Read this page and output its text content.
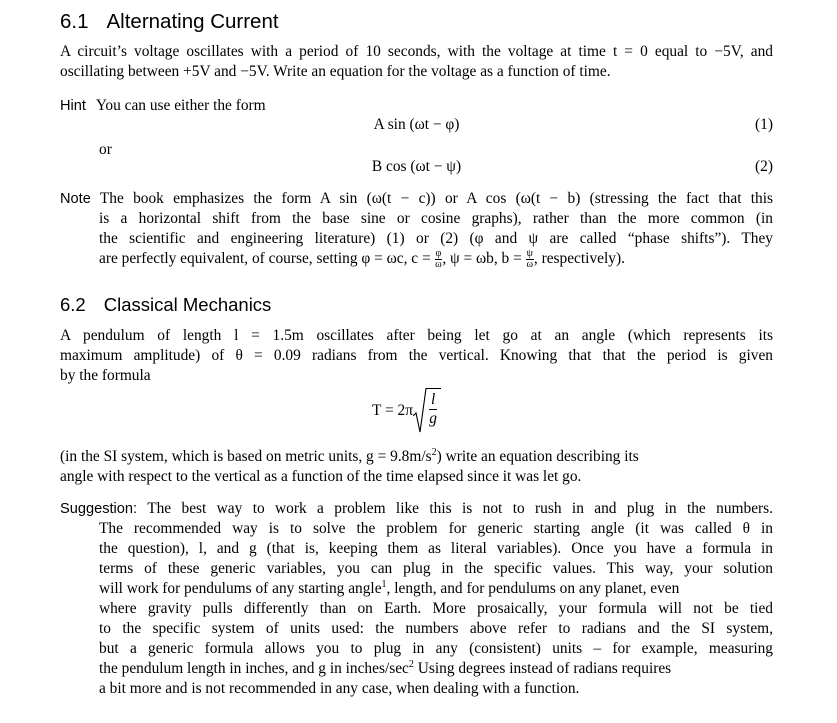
6.1 Alternating Current
A circuit’s voltage oscillates with a period of 10 seconds, with the voltage at time t = 0 equal to −5V, and
oscillating between +5V and −5V. Write an equation for the voltage as a function of time.
Hint You can use either the form
A sin (ωt − φ)	(1)
or
B cos (ωt − ψ)	(2)
Note The book emphasizes the form A sin (ω(t − c)) or A cos (ω(t − b) (stressing the fact that this
is a horizontal shift from the base sine or cosine graphs), rather than the more common (in
the scientific and engineering literature) (1) or (2) (φ and ψ are called “phase shifts”). They
are perfectly equivalent, of course, setting φ = ωc, $c = \frac{\varphi}{\omega}$ , ψ = ωb, $b = \frac{\psi}{\omega}$ , respectively).
6.2 Classical Mechanics
A pendulum of length l = 1.5m oscillates after being let go at an angle (which represents its
maximum amplitude) of θ = 0.09 radians from the vertical. Knowing that that the period is given
by the formula
$T = 2\pi \frac{l}{g}$
(in the SI system, which is based on metric units, $g = 9.8m/s^2$) write an equation describing its
angle with respect to the vertical as a function of the time elapsed since it was let go.
Suggestion: The best way to work a problem like this is not to rush in and plug in the numbers.
The recommended way is to solve the problem for generic starting angle (it was called θ in
the question), l, and g (that is, keeping them as literal variables). Once you have a formula in
terms of these generic variables, you can plug in the specific values. This way, your solution
will work for pendulums of any starting angle$^1$, length, and for pendulums on any planet, even
where gravity pulls differently than on Earth. More prosaically, your formula will not be tied
to the specific system of units used: the numbers above refer to radians and the SI system,
but a generic formula allows you to plug in any (consistent) units – for example, measuring
the pendulum length in inches, and g in inches/$\sec^2$ Using degrees instead of radians requires
a bit more and is not recommended in any case, when dealing with a function.
